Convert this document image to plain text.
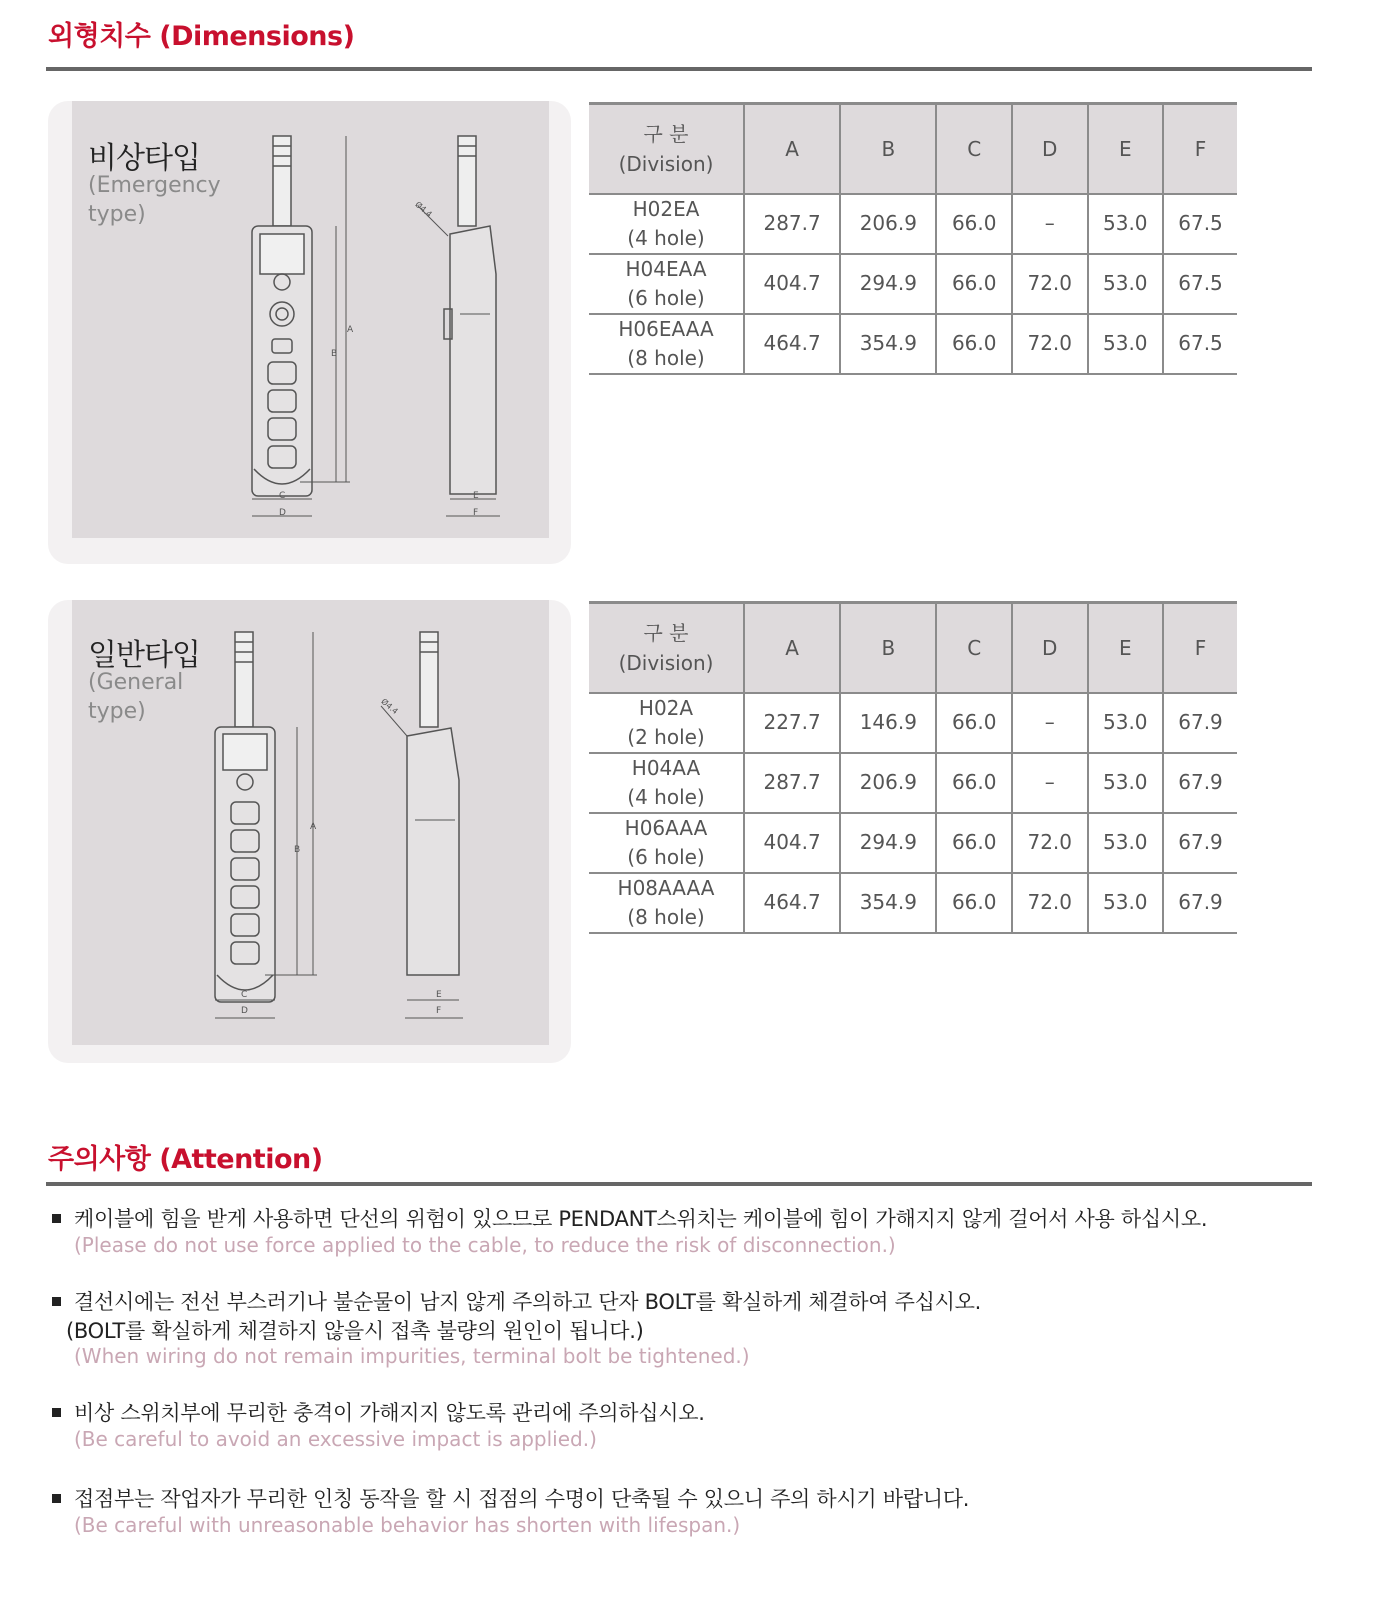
외형치수 (Dimensions)
비상타입
(Emergency
type)
A
B
C
D
Ø4.4
E
F
구 분
(Division)	A	B	C	D	E	F
H02EA
(4 hole)	287.7	206.9	66.0	–	53.0	67.5
H04EAA
(6 hole)	404.7	294.9	66.0	72.0	53.0	67.5
H06EAAA
(8 hole)	464.7	354.9	66.0	72.0	53.0	67.5
일반타입
(General
type)
A
B
C
D
Ø4.4
E
F
구 분
(Division)	A	B	C	D	E	F
H02A
(2 hole)	227.7	146.9	66.0	–	53.0	67.9
H04AA
(4 hole)	287.7	206.9	66.0	–	53.0	67.9
H06AAA
(6 hole)	404.7	294.9	66.0	72.0	53.0	67.9
H08AAAA
(8 hole)	464.7	354.9	66.0	72.0	53.0	67.9
주의사항 (Attention)
케이블에 힘을 받게 사용하면 단선의 위험이 있으므로 PENDANT스위치는 케이블에 힘이 가해지지 않게 걸어서 사용 하십시오.
(Please do not use force applied to the cable, to reduce the risk of disconnection.)
결선시에는 전선 부스러기나 불순물이 남지 않게 주의하고 단자 BOLT를 확실하게 체결하여 주십시오.
(BOLT를 확실하게 체결하지 않을시 접촉 불량의 원인이 됩니다.)
(When wiring do not remain impurities, terminal bolt be tightened.)
비상 스위치부에 무리한 충격이 가해지지 않도록 관리에 주의하십시오.
(Be careful to avoid an excessive impact is applied.)
접점부는 작업자가 무리한 인칭 동작을 할 시 접점의 수명이 단축될 수 있으니 주의 하시기 바랍니다.
(Be careful with unreasonable behavior has shorten with lifespan.)
